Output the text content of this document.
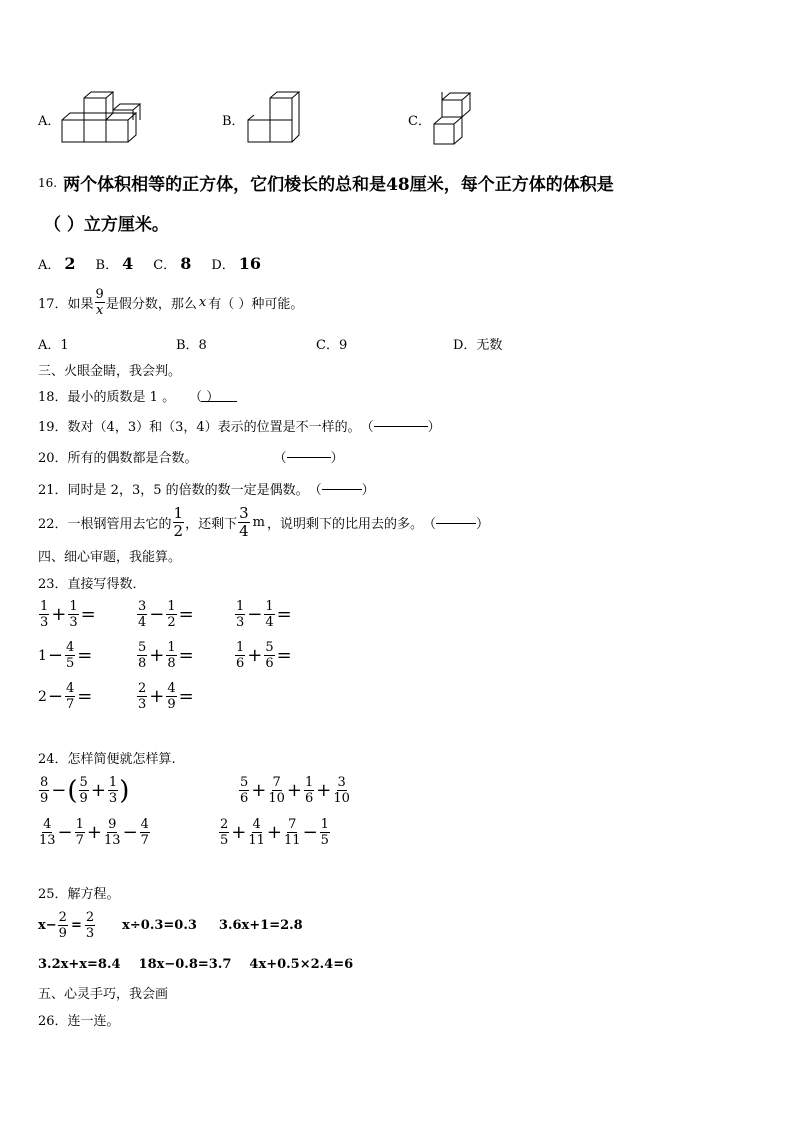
A．	B．	C．
16. 两个体积相等的正方体，它们棱长的总和是48厘米，每个正方体的体积是
（ ）立方厘米。
A． 2 B． 4 C． 8 D． 16
17．如果 $\frac{9}{x}$ 是假分数，那么 x 有（ ）种可能。
A．1	B．8	C．9	D．无数
三、火眼金睛，我会判。
18．最小的质数是 1 。 （ ）
19．数对（4，3）和（3，4）表示的位置是不一样的。 （	）
20．所有的偶数都是合数。	（	）
21．同时是 2，3，5 的倍数的数一定是偶数。 （	）
22．一根钢管用去它的 $\frac{1}{2}$ ，还剩下 $\frac{3}{4}$ m ，说明剩下的比用去的多。 （	）
四、细心审题，我能算。
23．直接写得数．
$\frac{1}{3} + \frac{1}{3}$ =	$\frac{3}{4} - \frac{1}{2}$ =	$\frac{1}{3} - \frac{1}{4}$ =
$1 - \frac{4}{5}$ =	$\frac{5}{8} + \frac{1}{8}$ =	$\frac{1}{6} + \frac{5}{6}$ =
$2 - \frac{4}{7}$ =	$\frac{2}{3} + \frac{4}{9}$ =
24．怎样简便就怎样算.
$\frac{8}{9}$ − ( $\frac{5}{9} + \frac{1}{3}$ )	$\frac{5}{6} + \frac{7}{10} + \frac{1}{6} + \frac{3}{10}$
$\frac{4}{13} - \frac{1}{7} + \frac{9}{13} - \frac{4}{7}$	$\frac{2}{5} + \frac{4}{11} + \frac{7}{11} - \frac{1}{5}$
25．解方程。
$x- \frac{2}{9} = \frac{2}{3} x\div 0.3=0.3$ 3.6x+1=2.8
3.2x+x=8.4 18x−0.8=3.7 4x+0.5×2.4=6
五、心灵手巧，我会画
26．连一连。
